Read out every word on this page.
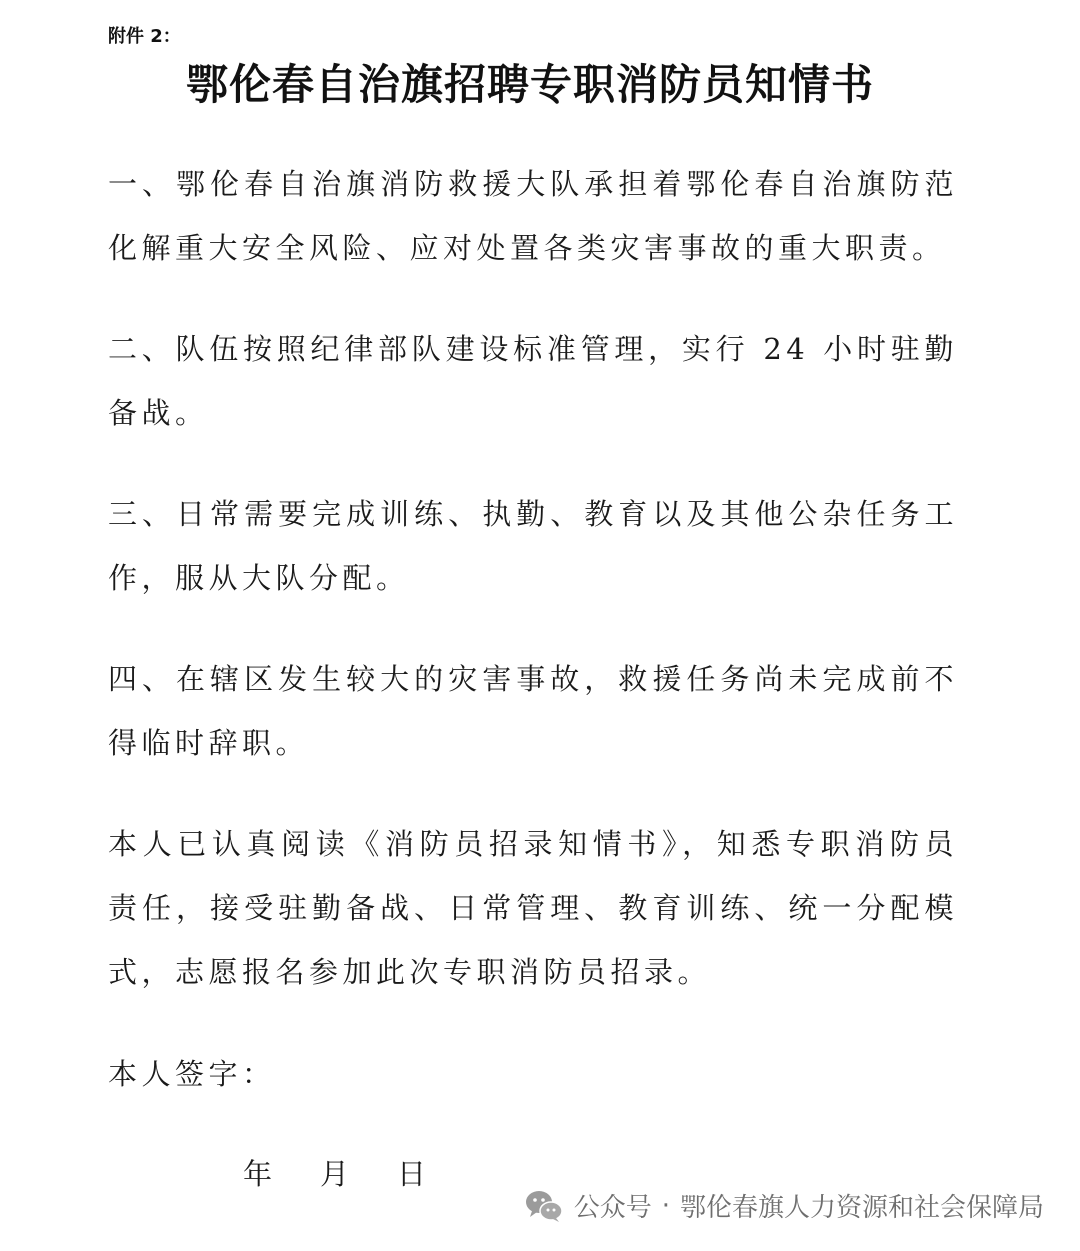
附件 2：
鄂伦春自治旗招聘专职消防员知情书

一、鄂伦春自治旗消防救援大队承担着鄂伦春自治旗防范化解重大安全风险、应对处置各类灾害事故的重大职责。

二、队伍按照纪律部队建设标准管理，实行 24 小时驻勤备战。

三、日常需要完成训练、执勤、教育以及其他公杂任务工作，服从大队分配。

四、在辖区发生较大的灾害事故，救援任务尚未完成前不得临时辞职。

本人已认真阅读《消防员招录知情书》，知悉专职消防员责任，接受驻勤备战、日常管理、教育训练、统一分配模式，志愿报名参加此次专职消防员招录。

本人签字：
年 月 日
公众号 · 鄂伦春旗人力资源和社会保障局
